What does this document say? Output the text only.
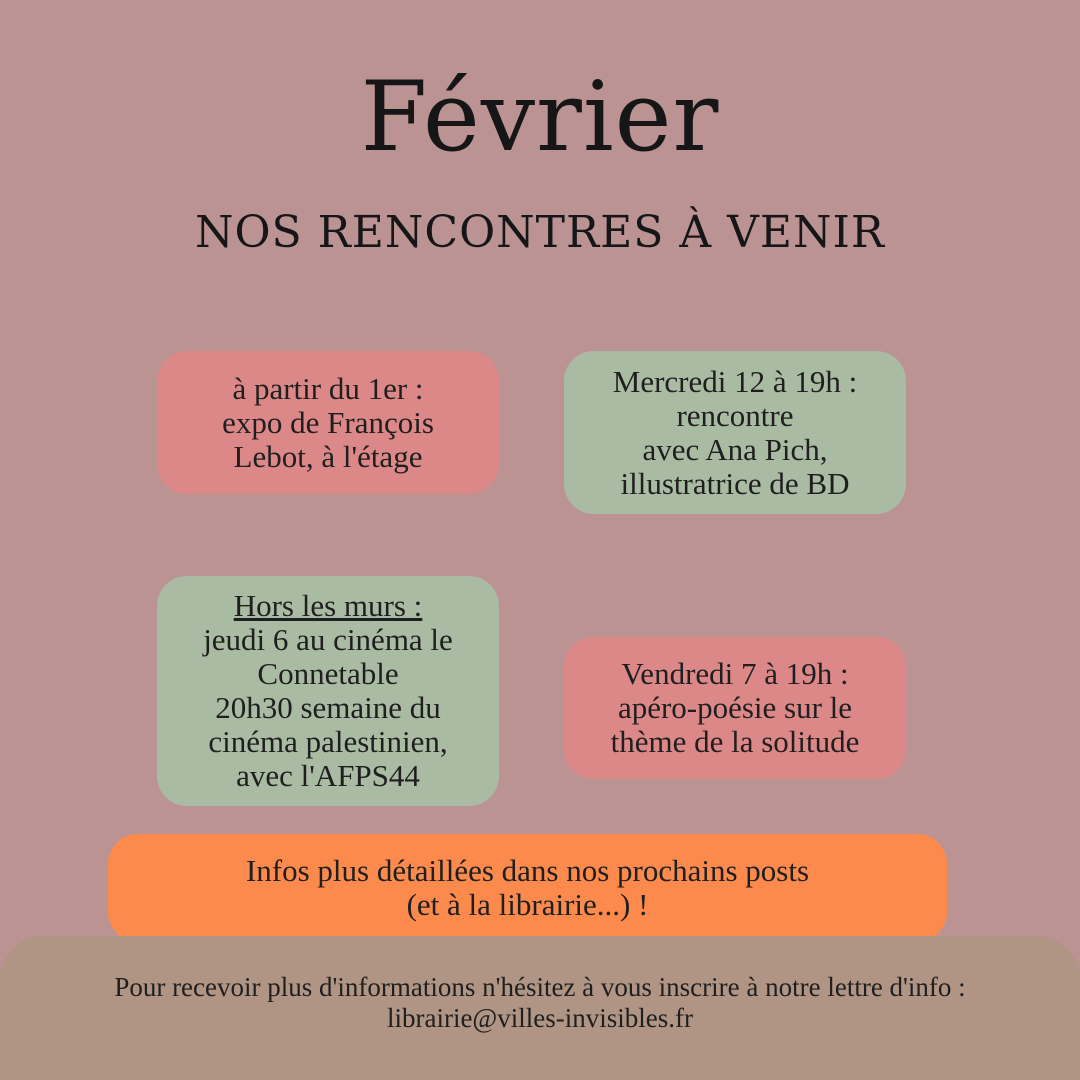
Février
NOS RENCONTRES À VENIR
à partir du 1er :
expo de François
Lebot, à l'étage
Mercredi 12 à 19h :
rencontre
avec Ana Pich,
illustratrice de BD
Hors les murs :
jeudi 6 au cinéma le
Connetable
20h30 semaine du
cinéma palestinien,
avec l'AFPS44
Vendredi 7 à 19h :
apéro-poésie sur le
thème de la solitude
Infos plus détaillées dans nos prochains posts
(et à la librairie...) !
Pour recevoir plus d'informations n'hésitez à vous inscrire à notre lettre d'info :
librairie@villes-invisibles.fr
